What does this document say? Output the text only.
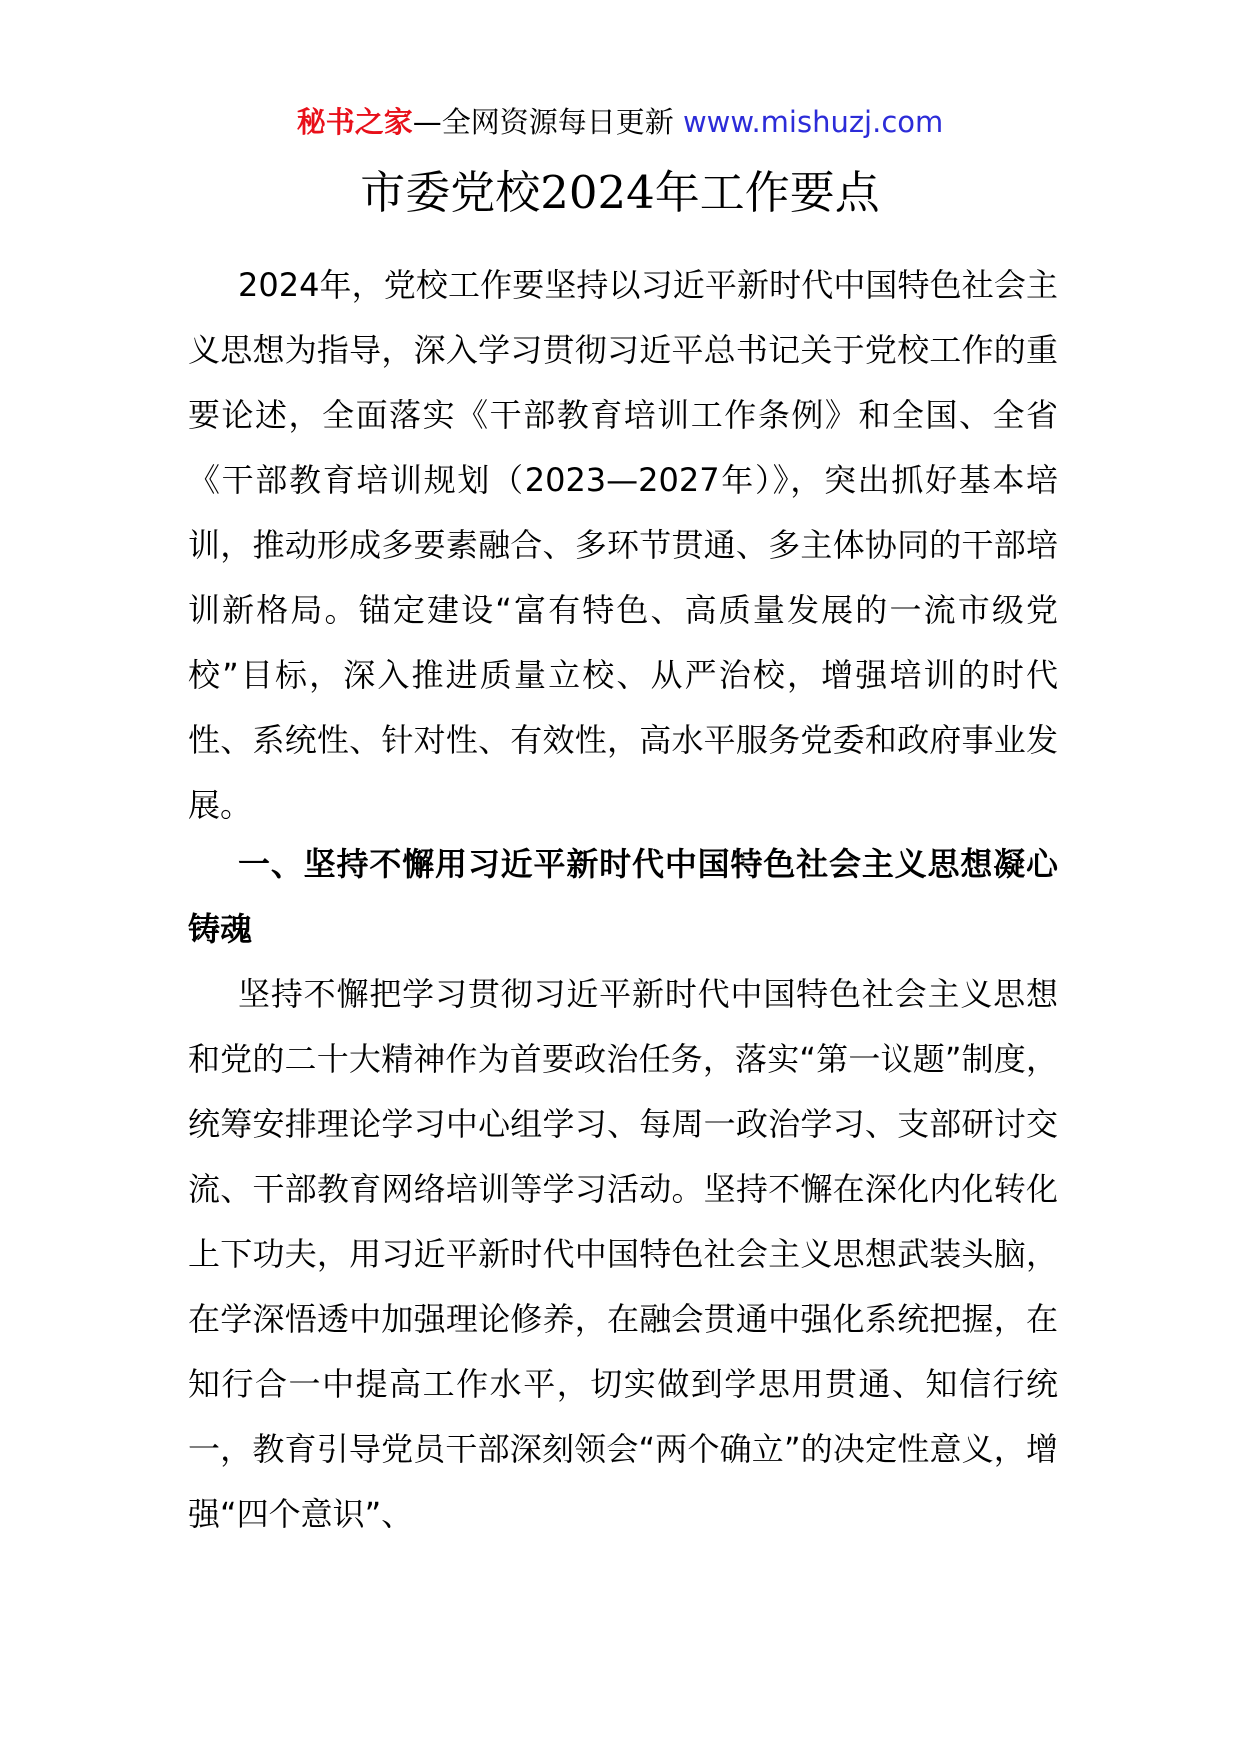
秘书之家—全网资源每日更新 www.mishuzj.com
市委党校2024年工作要点

2024年，党校工作要坚持以习近平新时代中国特色社会主义思想为指导，深入学习贯彻习近平总书记关于党校工作的重要论述，全面落实《干部教育培训工作条例》和全国、全省《干部教育培训规划（2023—2027年）》，突出抓好基本培训，推动形成多要素融合、多环节贯通、多主体协同的干部培训新格局。锚定建设“富有特色、高质量发展的一流市级党校”目标，深入推进质量立校、从严治校，增强培训的时代性、系统性、针对性、有效性，高水平服务党委和政府事业发展。

一、坚持不懈用习近平新时代中国特色社会主义思想凝心铸魂

坚持不懈把学习贯彻习近平新时代中国特色社会主义思想和党的二十大精神作为首要政治任务，落实“第一议题”制度，统筹安排理论学习中心组学习、每周一政治学习、支部研讨交流、干部教育网络培训等学习活动。坚持不懈在深化内化转化上下功夫，用习近平新时代中国特色社会主义思想武装头脑，在学深悟透中加强理论修养，在融会贯通中强化系统把握，在知行合一中提高工作水平，切实做到学思用贯通、知信行统一，教育引导党员干部深刻领会“两个确立”的决定性意义，增强“四个意识”、
